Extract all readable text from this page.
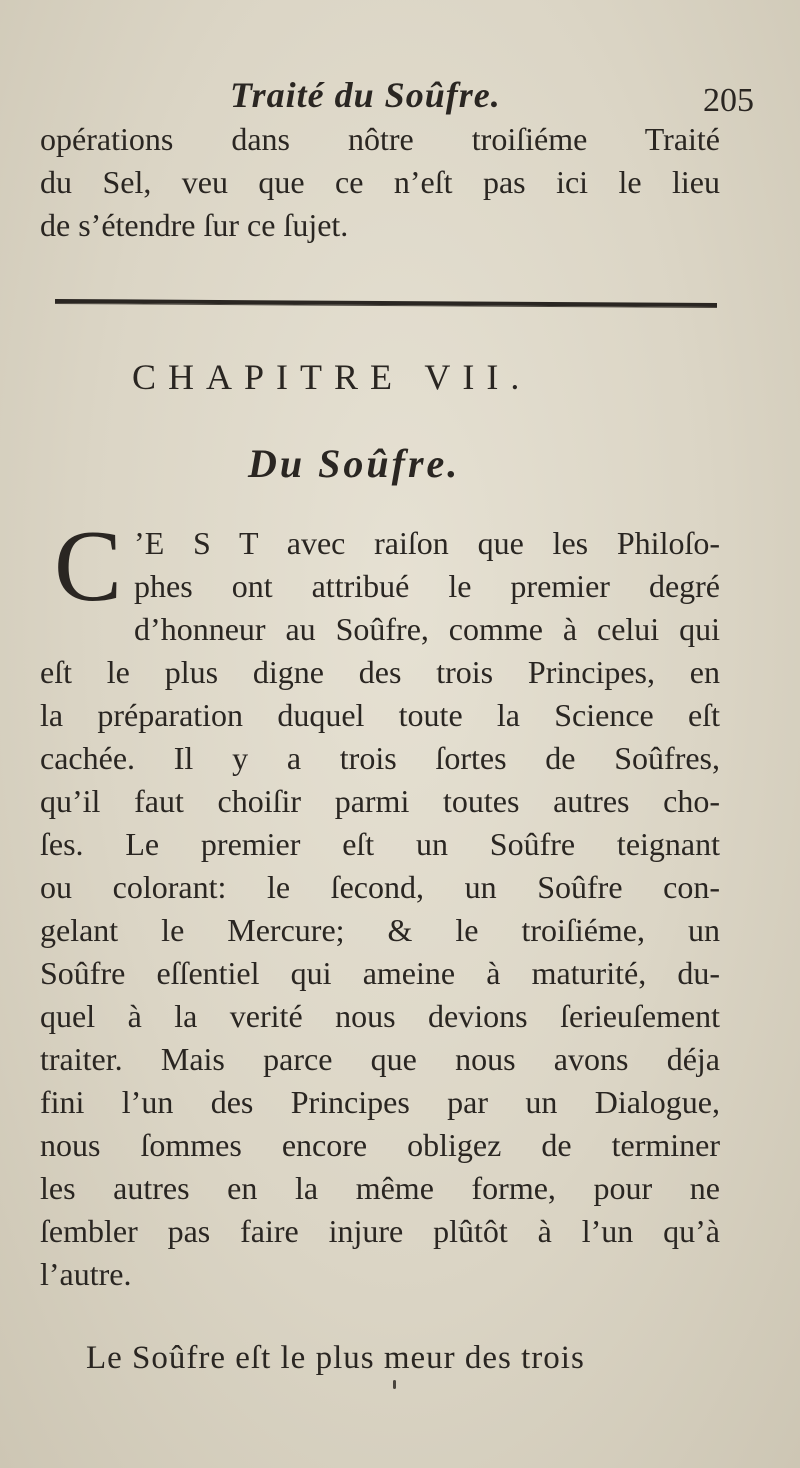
Traité du Soûfre.	205
opérations dans nôtre troiſiéme Traité
du Sel, veu que ce n’eſt pas ici le lieu
de s’étendre ſur ce ſujet.
CHAPITRE VII.
Du Soûfre.
C ’E S T avec raiſon que les Philoſo-
phes ont attribué le premier degré
d’honneur au Soûfre, comme à celui qui
eſt le plus digne des trois Principes, en
la préparation duquel toute la Science eſt
cachée. Il y a trois ſortes de Soûfres,
qu’il faut choiſir parmi toutes autres cho-
ſes. Le premier eſt un Soûfre teignant
ou colorant: le ſecond, un Soûfre con-
gelant le Mercure; & le troiſiéme, un
Soûfre eſſentiel qui ameine à maturité, du-
quel à la verité nous devions ſerieuſement
traiter. Mais parce que nous avons déja
fini l’un des Principes par un Dialogue,
nous ſommes encore obligez de terminer
les autres en la même forme, pour ne
ſembler pas faire injure plûtôt à l’un qu’à
l’autre.
Le Soûfre eſt le plus meur des trois
